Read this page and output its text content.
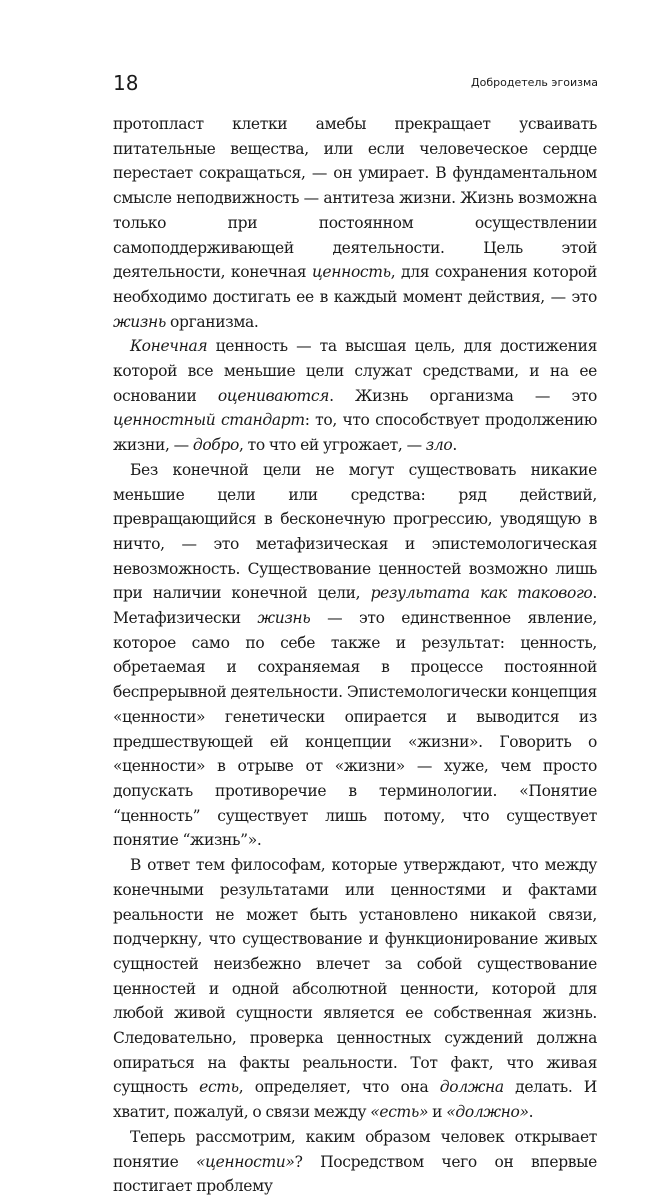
18	Добродетель эгоизма

протопласт клетки амебы прекращает усваивать питательные вещества, или если человеческое сердце перестает сокращаться, — он умирает. В фундаментальном смысле неподвижность — антитеза жизни. Жизнь возможна только при постоянном осуществлении самоподдерживающей деятельности. Цель этой деятельности, конечная ценность, для сохранения которой необходимо достигать ее в каждый момент действия, — это жизнь организма.

Конечная ценность — та высшая цель, для достижения которой все меньшие цели служат средствами, и на ее основании оцениваются. Жизнь организма — это ценностный стандарт: то, что способствует продолжению жизни, — добро, то что ей угрожает, — зло.

Без конечной цели не могут существовать никакие меньшие цели или средства: ряд действий, превращающийся в бесконечную прогрессию, уводящую в ничто, — это метафизическая и эпистемологическая невозможность. Существование ценностей возможно лишь при наличии конечной цели, результата как такового. Метафизически жизнь — это единственное явление, которое само по себе также и результат: ценность, обретаемая и сохраняемая в процессе постоянной беспрерывной деятельности. Эпистемологически концепция «ценности» генетически опирается и выводится из предшествующей ей концепции «жизни». Говорить о «ценности» в отрыве от «жизни» — хуже, чем просто допускать противоречие в терминологии. «Понятие “ценность” существует лишь потому, что существует понятие “жизнь”».

В ответ тем философам, которые утверждают, что между конечными результатами или ценностями и фактами реальности не может быть установлено никакой связи, подчеркну, что существование и функционирование живых сущностей неизбежно влечет за собой существование ценностей и одной абсолютной ценности, которой для любой живой сущности является ее собственная жизнь. Следовательно, проверка ценностных суждений должна опираться на факты реальности. Тот факт, что живая сущность есть, определяет, что она должна делать. И хватит, пожалуй, о связи между «есть» и «должно».

Теперь рассмотрим, каким образом человек открывает понятие «ценности»? Посредством чего он впервые постигает проблему
